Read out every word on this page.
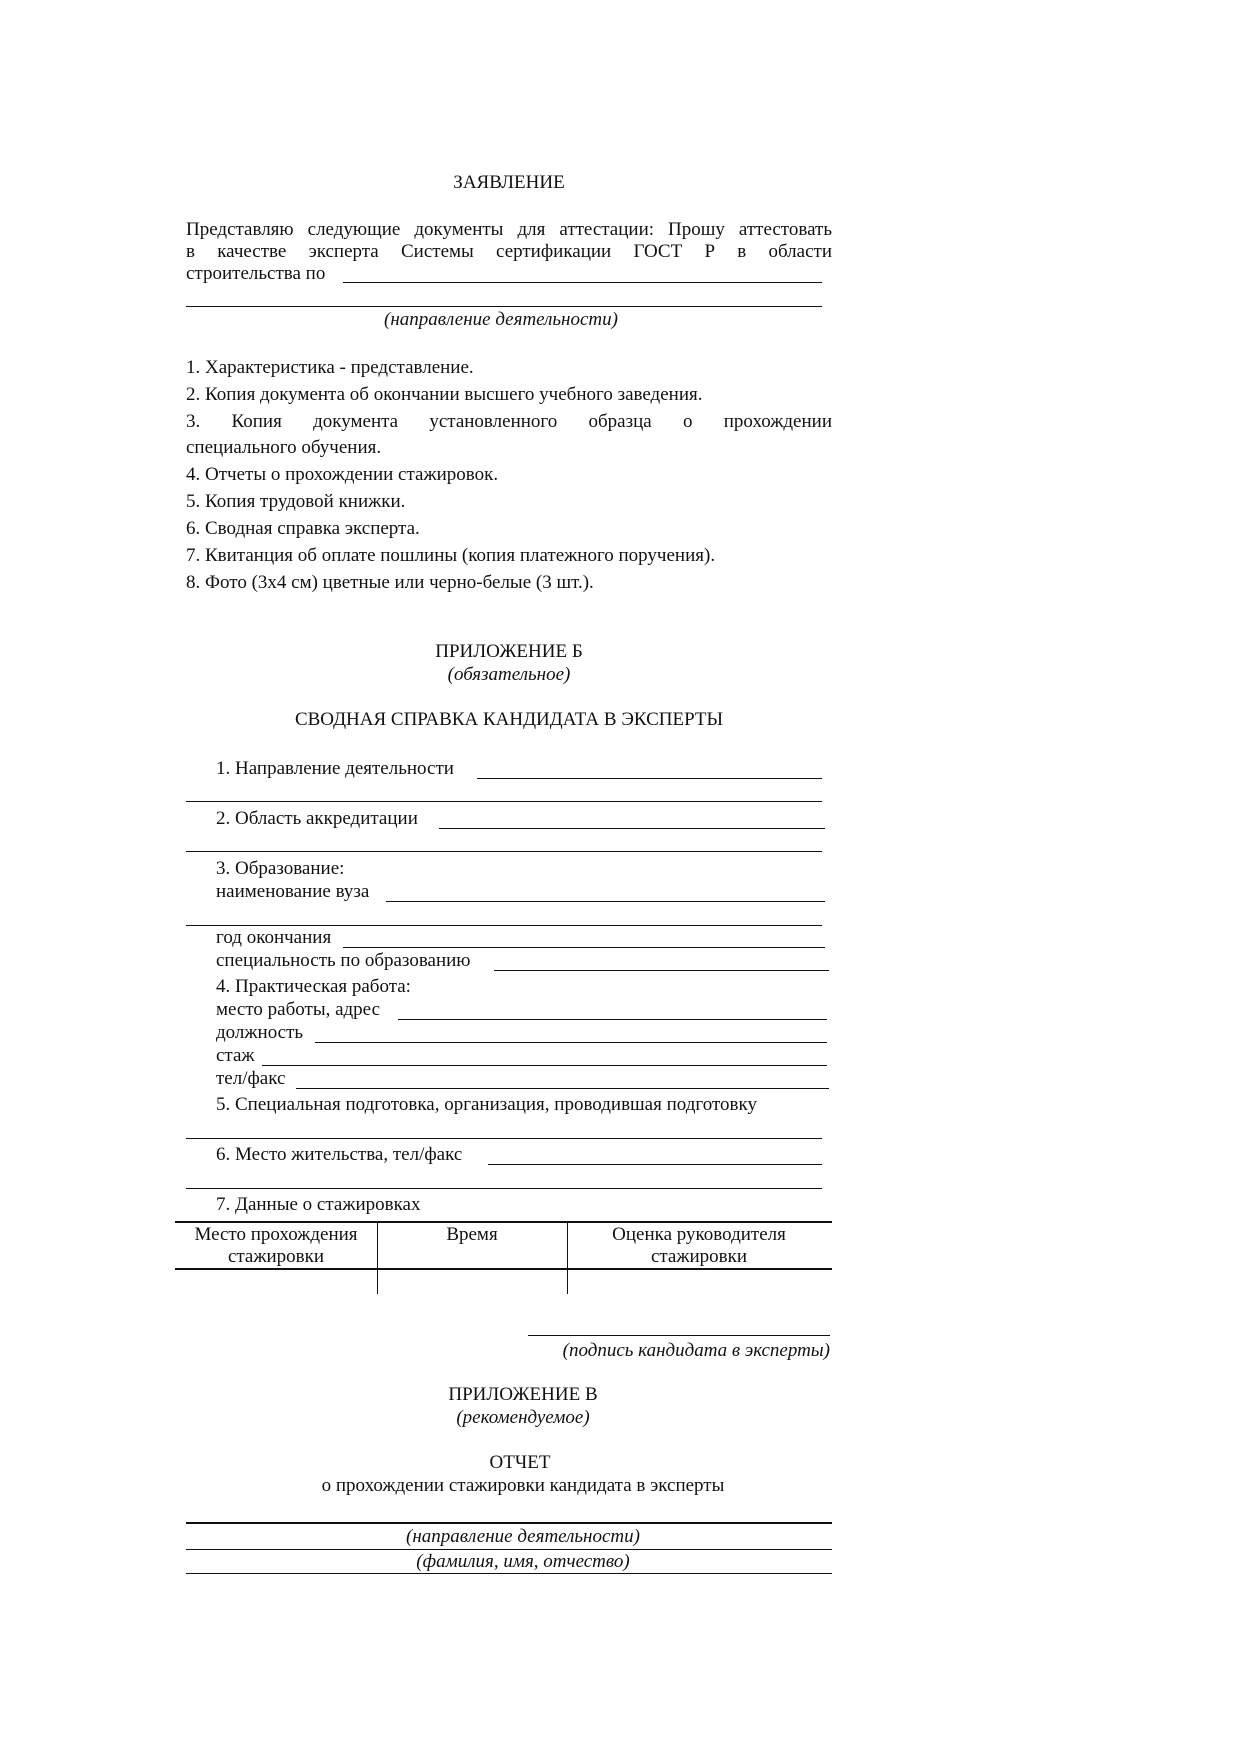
ЗАЯВЛЕНИЕ
Представляю следующие документы для аттестации: Прошу аттестовать
в качестве эксперта Системы сертификации ГОСТ Р в области
строительства по
(направление деятельности)
1. Характеристика - представление.
2. Копия документа об окончании высшего учебного заведения.
3. Копия документа установленного образца о прохождении
специального обучения.
4. Отчеты о прохождении стажировок.
5. Копия трудовой книжки.
6. Сводная справка эксперта.
7. Квитанция об оплате пошлины (копия платежного поручения).
8. Фото (3х4 см) цветные или черно-белые (3 шт.).
ПРИЛОЖЕНИЕ Б
(обязательное)
СВОДНАЯ СПРАВКА КАНДИДАТА В ЭКСПЕРТЫ
1. Направление деятельности
2. Область аккредитации
3. Образование:
наименование вуза
год окончания
специальность по образованию
4. Практическая работа:
место работы, адрес
должность
стаж
тел/факс
5. Специальная подготовка, организация, проводившая подготовку
6. Место жительства, тел/факс
7. Данные о стажировках
Место прохождения стажировки
Время	Оценка руководителя стажировки
(подпись кандидата в эксперты)
ПРИЛОЖЕНИЕ В
(рекомендуемое)
ОТЧЕТ
о прохождении стажировки кандидата в эксперты
(направление деятельности)
(фамилия, имя, отчество)
